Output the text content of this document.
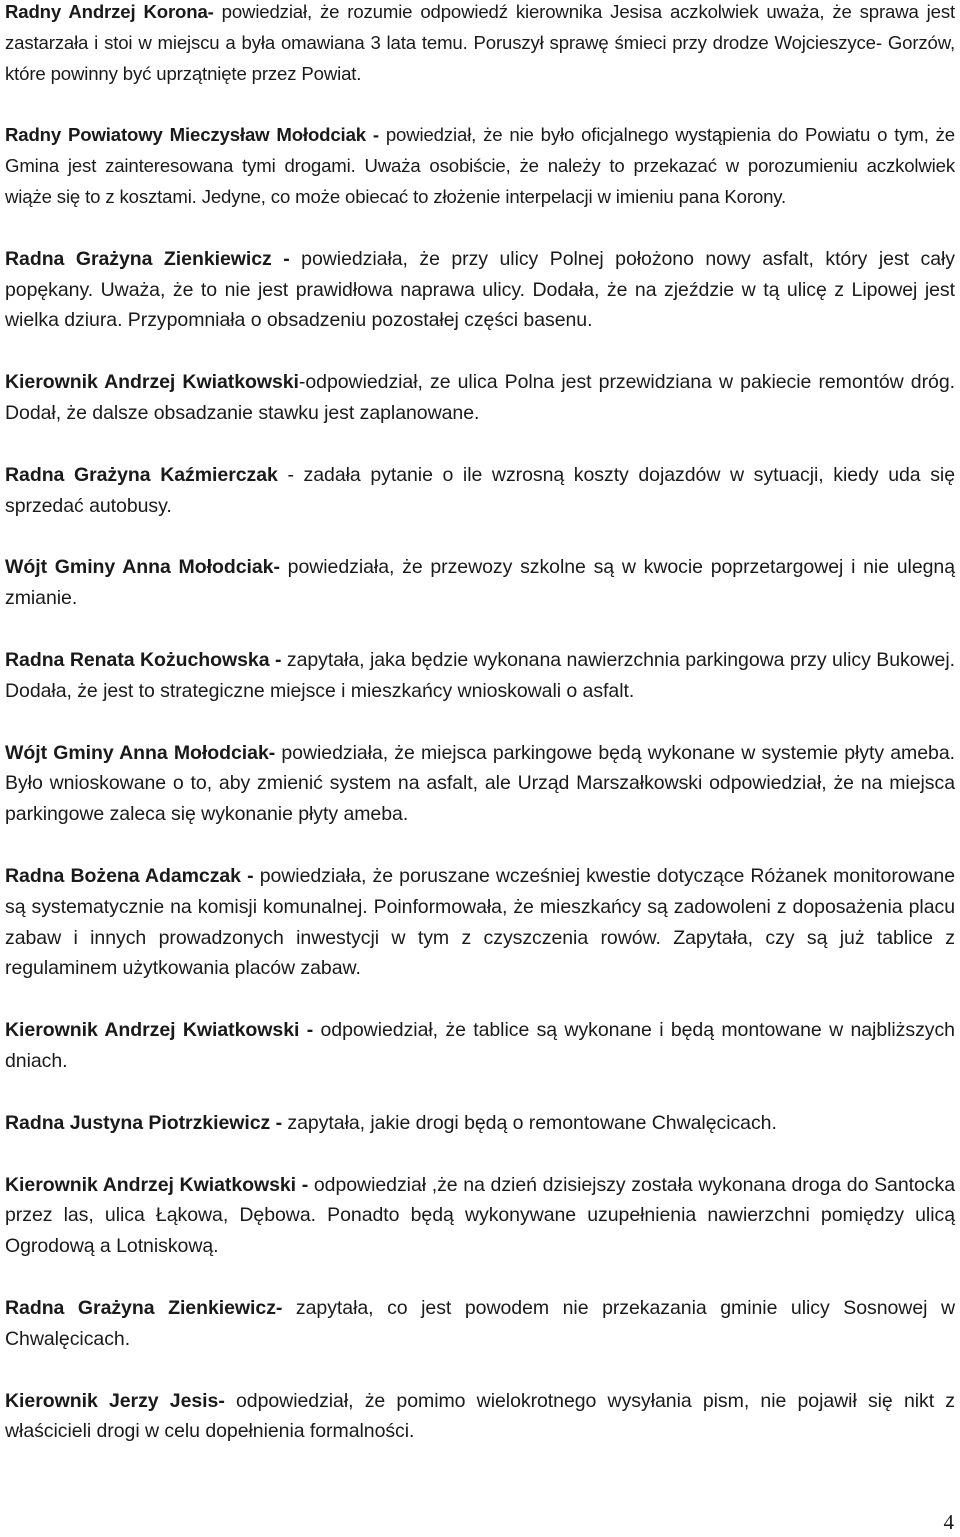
Radny Andrzej Korona- powiedział, że rozumie odpowiedź kierownika Jesisa aczkolwiek uważa, że sprawa jest zastarzała i stoi w miejscu a była omawiana 3 lata temu. Poruszył sprawę śmieci przy drodze Wojcieszyce- Gorzów, które powinny być uprzątnięte przez Powiat.

Radny Powiatowy Mieczysław Mołodciak - powiedział, że nie było oficjalnego wystąpienia do Powiatu o tym, że Gmina jest zainteresowana tymi drogami. Uważa osobiście, że należy to przekazać w porozumieniu aczkolwiek wiąże się to z kosztami. Jedyne, co może obiecać to złożenie interpelacji w imieniu pana Korony.

Radna Grażyna Zienkiewicz - powiedziała, że przy ulicy Polnej położono nowy asfalt, który jest cały popękany. Uważa, że to nie jest prawidłowa naprawa ulicy. Dodała, że na zjeździe w tą ulicę z Lipowej jest wielka dziura. Przypomniała o obsadzeniu pozostałej części basenu.

Kierownik Andrzej Kwiatkowski-odpowiedział, ze ulica Polna jest przewidziana w pakiecie remontów dróg. Dodał, że dalsze obsadzanie stawku jest zaplanowane.

Radna Grażyna Kaźmierczak - zadała pytanie o ile wzrosną koszty dojazdów w sytuacji, kiedy uda się sprzedać autobusy.

Wójt Gminy Anna Mołodciak- powiedziała, że przewozy szkolne są w kwocie poprzetargowej i nie ulegną zmianie.

Radna Renata Kożuchowska - zapytała, jaka będzie wykonana nawierzchnia parkingowa przy ulicy Bukowej. Dodała, że jest to strategiczne miejsce i mieszkańcy wnioskowali o asfalt.

Wójt Gminy Anna Mołodciak- powiedziała, że miejsca parkingowe będą wykonane w systemie płyty ameba. Było wnioskowane o to, aby zmienić system na asfalt, ale Urząd Marszałkowski odpowiedział, że na miejsca parkingowe zaleca się wykonanie płyty ameba.

Radna Bożena Adamczak - powiedziała, że poruszane wcześniej kwestie dotyczące Różanek monitorowane są systematycznie na komisji komunalnej. Poinformowała, że mieszkańcy są zadowoleni z doposażenia placu zabaw i innych prowadzonych inwestycji w tym z czyszczenia rowów. Zapytała, czy są już tablice z regulaminem użytkowania placów zabaw.

Kierownik Andrzej Kwiatkowski - odpowiedział, że tablice są wykonane i będą montowane w najbliższych dniach.

Radna Justyna Piotrzkiewicz - zapytała, jakie drogi będą o remontowane Chwalęcicach.

Kierownik Andrzej Kwiatkowski - odpowiedział ,że na dzień dzisiejszy została wykonana droga do Santocka przez las, ulica Łąkowa, Dębowa. Ponadto będą wykonywane uzupełnienia nawierzchni pomiędzy ulicą Ogrodową a Lotniskową.

Radna Grażyna Zienkiewicz- zapytała, co jest powodem nie przekazania gminie ulicy Sosnowej w Chwalęcicach.

Kierownik Jerzy Jesis- odpowiedział, że pomimo wielokrotnego wysyłania pism, nie pojawił się nikt z właścicieli drogi w celu dopełnienia formalności.

4
